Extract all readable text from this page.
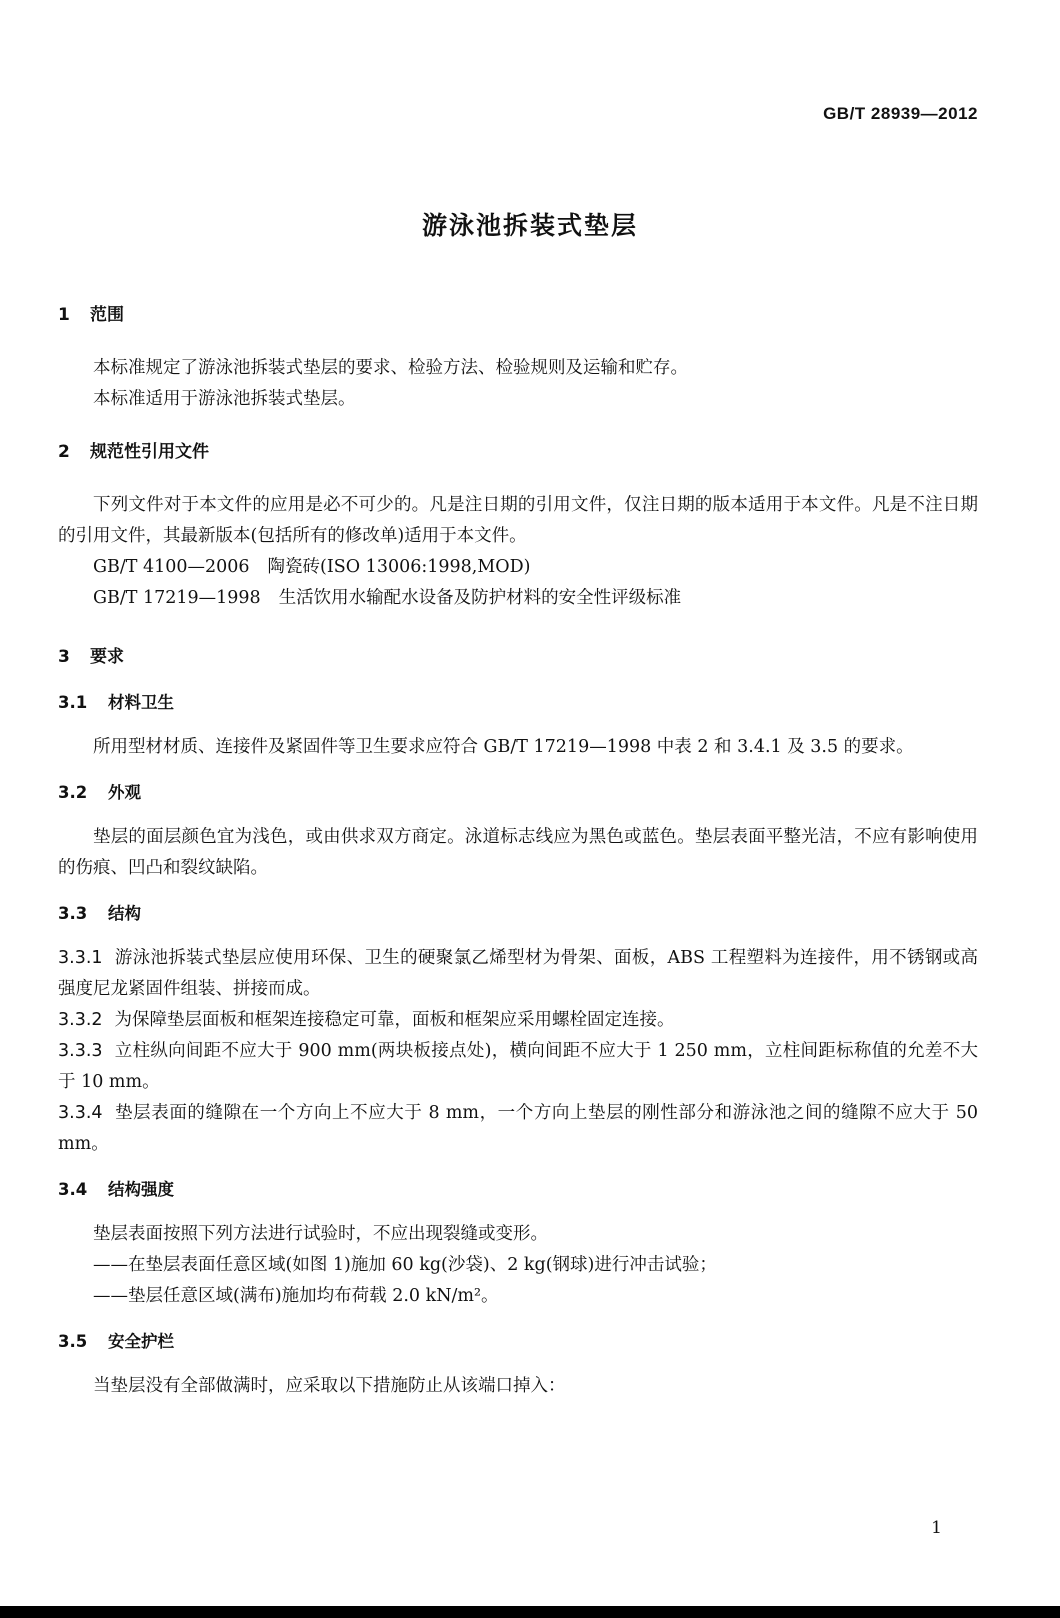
GB/T 28939—2012
游泳池拆装式垫层
1 范围

本标准规定了游泳池拆装式垫层的要求、检验方法、检验规则及运输和贮存。

本标准适用于游泳池拆装式垫层。

2 规范性引用文件

下列文件对于本文件的应用是必不可少的。凡是注日期的引用文件，仅注日期的版本适用于本文件。凡是不注日期的引用文件，其最新版本(包括所有的修改单)适用于本文件。

GB/T 4100—2006 陶瓷砖(ISO 13006:1998,MOD)

GB/T 17219—1998 生活饮用水输配水设备及防护材料的安全性评级标准

3 要求
3.1 材料卫生

所用型材材质、连接件及紧固件等卫生要求应符合 GB/T 17219—1998 中表 2 和 3.4.1 及 3.5 的要求。

3.2 外观

垫层的面层颜色宜为浅色，或由供求双方商定。泳道标志线应为黑色或蓝色。垫层表面平整光洁，不应有影响使用的伤痕、凹凸和裂纹缺陷。

3.3 结构

3.3.1 游泳池拆装式垫层应使用环保、卫生的硬聚氯乙烯型材为骨架、面板，ABS 工程塑料为连接件，用不锈钢或高强度尼龙紧固件组装、拼接而成。

3.3.2 为保障垫层面板和框架连接稳定可靠，面板和框架应采用螺栓固定连接。

3.3.3 立柱纵向间距不应大于 900 mm(两块板接点处)，横向间距不应大于 1 250 mm，立柱间距标称值的允差不大于 10 mm。

3.3.4 垫层表面的缝隙在一个方向上不应大于 8 mm，一个方向上垫层的刚性部分和游泳池之间的缝隙不应大于 50 mm。

3.4 结构强度

垫层表面按照下列方法进行试验时，不应出现裂缝或变形。

——在垫层表面任意区域(如图 1)施加 60 kg(沙袋)、2 kg(钢球)进行冲击试验；

——垫层任意区域(满布)施加均布荷载 2.0 kN/m²。

3.5 安全护栏

当垫层没有全部做满时，应采取以下措施防止从该端口掉入：

1
